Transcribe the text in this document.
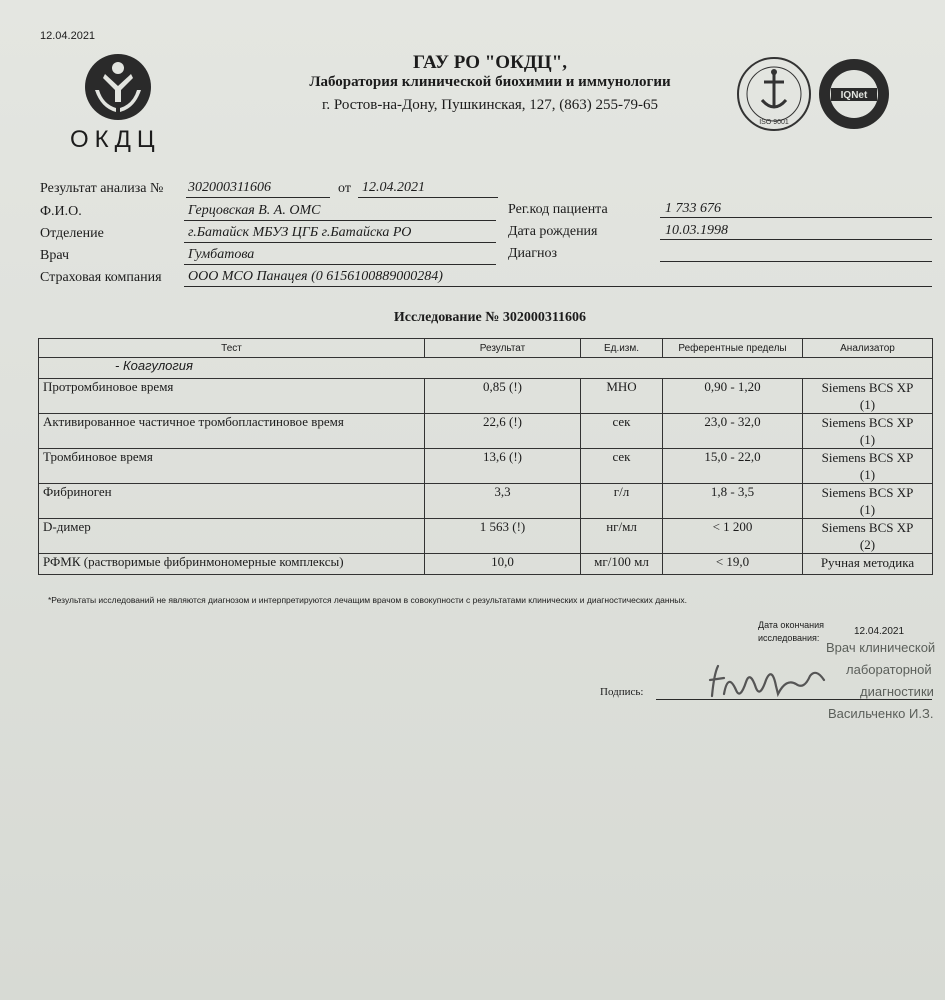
12.04.2021
ОКДЦ
ГАУ РО "ОКДЦ",
Лаборатория клинической биохимии и иммунологии
г. Ростов-на-Дону, Пушкинская, 127, (863) 255-79-65
ISO 9001
IQNet
Результат анализа № 302000311606	от 12.04.2021
Ф.И.О.	Герцовская В. А. ОМС
Отделение	г.Батайск МБУЗ ЦГБ г.Батайска РО
Врач	Гумбатова
Страховая компания ООО МСО Панацея (0 6156100889000284)
Рег.код пациента	1 733 676
Дата рождения	10.03.1998
Диагноз
Исследование № 302000311606
Тест	Результат	Ед.изм.	Референтные пределы	Анализатор
- Коагулогия				
Протромбиновое время	0,85 (!)	МНО	0,90 - 1,20	Siemens BCS XP
(1)

Активированное частичное тромбопластиновое время	22,6 (!)	сек	23,0 - 32,0	Siemens BCS XP
(1)

Тромбиновое время	13,6 (!)	сек	15,0 - 22,0	Siemens BCS XP
(1)

Фибриноген	3,3	г/л	1,8 - 3,5	Siemens BCS XP
(1)

D-димер	1 563 (!)	нг/мл	< 1 200	Siemens BCS XP
(2)

РФМК (растворимые фибринмономерные комплексы)	10,0	мг/100 мл	< 19,0	Ручная методика
*Результаты исследований не являются диагнозом и интерпретируются лечащим врачом в совокупности с результатами клинических и диагностических данных.
Дата окончания исследования:
12.04.2021
Врач клинической
лабораторной
диагностики
Васильченко И.З.
Подпись:
